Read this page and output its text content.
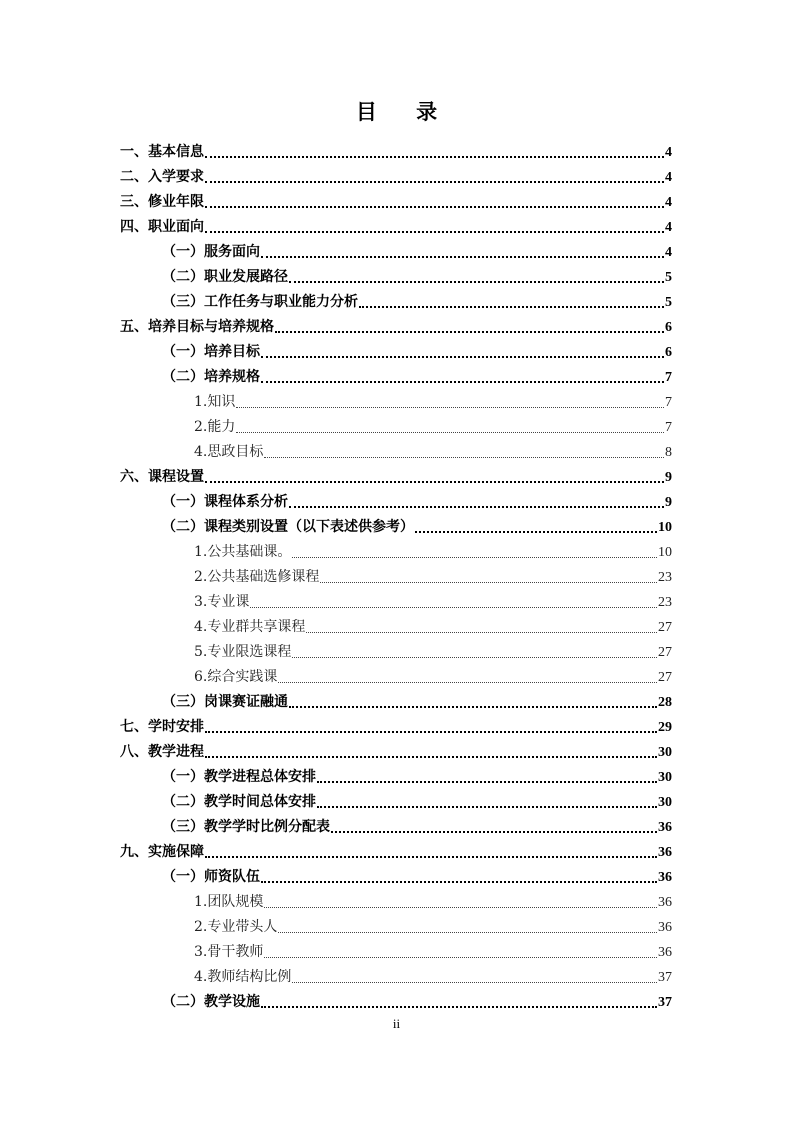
目 录
一、基本信息	4
二、入学要求	4
三、修业年限	4
四、职业面向	4
（一）服务面向	4
（二）职业发展路径	5
（三）工作任务与职业能力分析	5
五、培养目标与培养规格	6
（一）培养目标	6
（二）培养规格	7
1.知识	7
2.能力	7
4.思政目标	8
六、课程设置	9
（一）课程体系分析	9
（二）课程类别设置（以下表述供参考）	10
1.公共基础课。	10
2.公共基础选修课程	23
3.专业课	23
4.专业群共享课程	27
5.专业限选课程	27
6.综合实践课	27
（三）岗课赛证融通	28
七、学时安排	29
八、教学进程	30
（一）教学进程总体安排	30
（二）教学时间总体安排	30
（三）教学学时比例分配表	36
九、实施保障	36
（一）师资队伍	36
1.团队规模	36
2.专业带头人	36
3.骨干教师	36
4.教师结构比例	37
（二）教学设施	37
ii
